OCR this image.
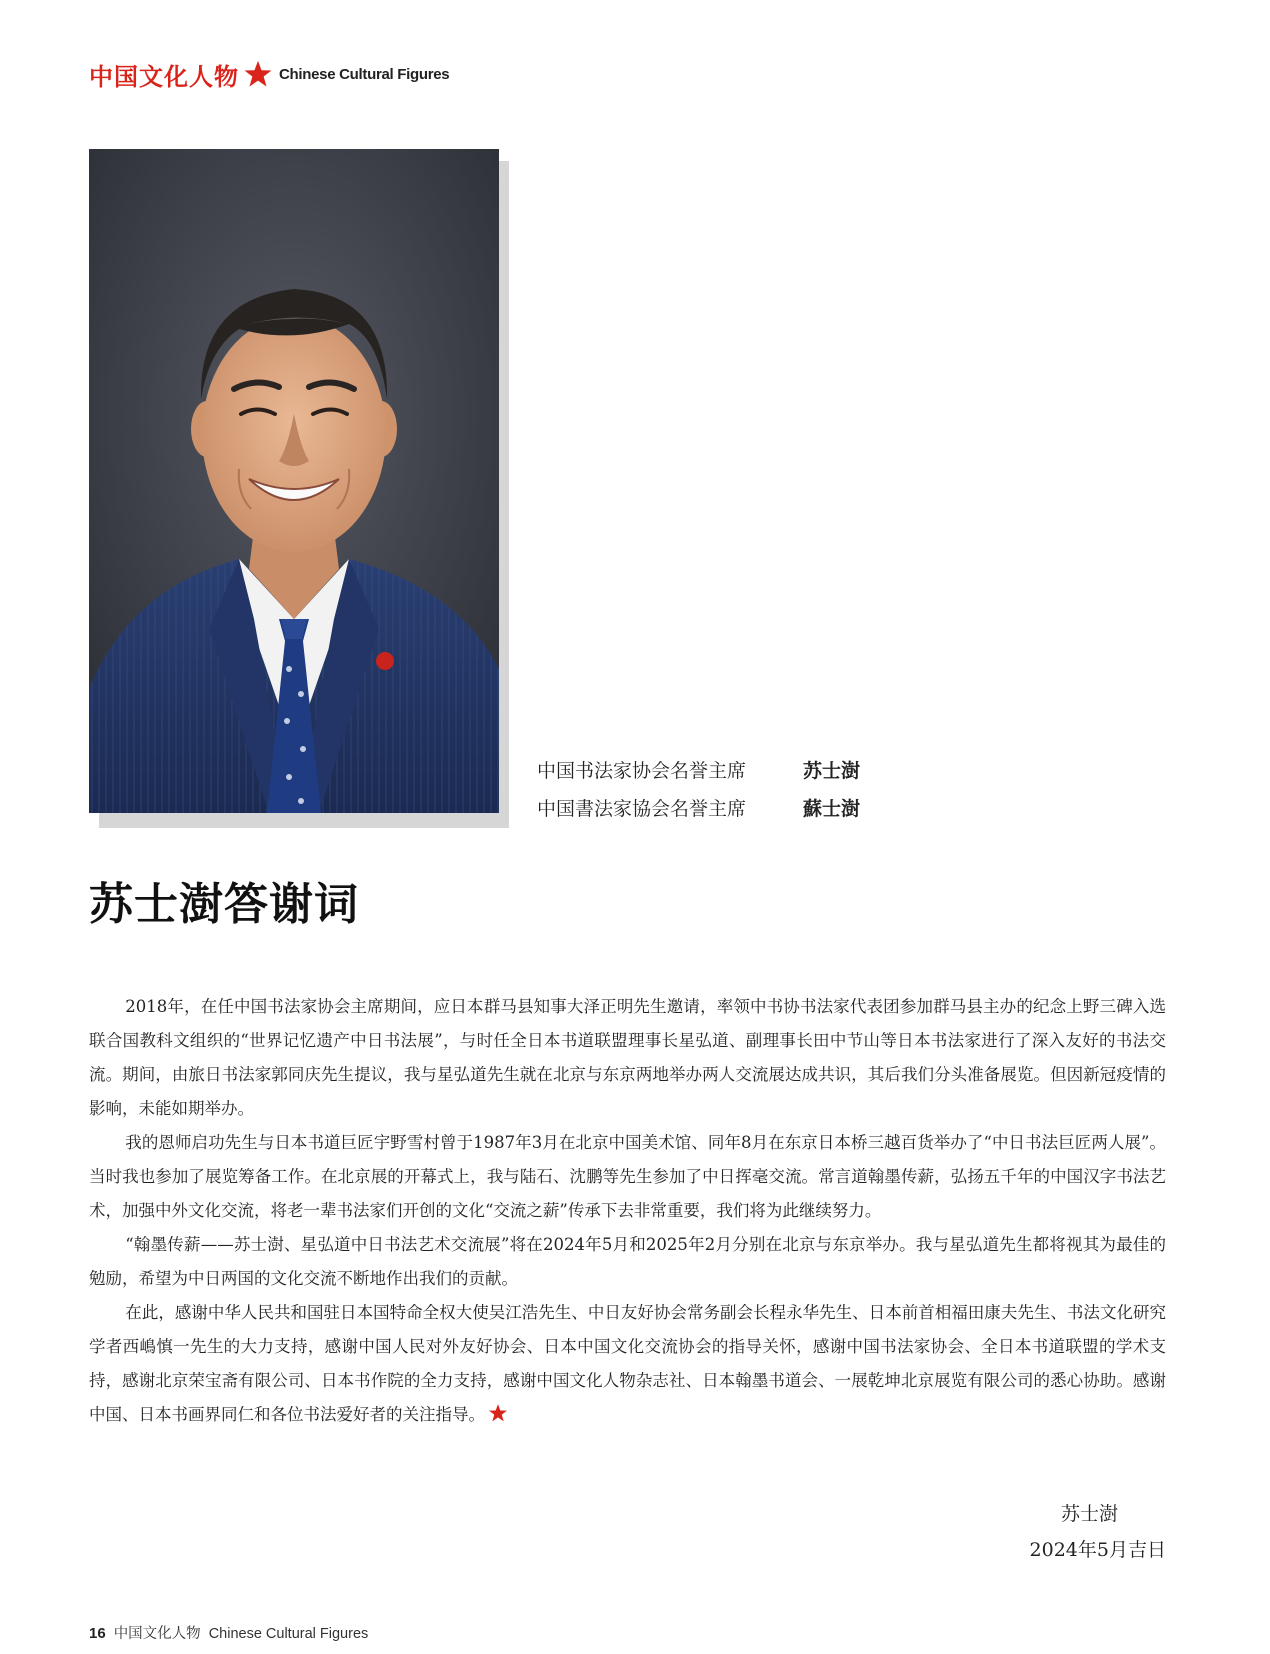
中国文化人物	Chinese Cultural Figures
中国书法家协会名誉主席	苏士澍
中国書法家協会名誉主席	蘇士澍
苏士澍答谢词

2018年，在任中国书法家协会主席期间，应日本群马县知事大泽正明先生邀请，率领中书协书法家代表团参加群马县主办的纪念上野三碑入选联合国教科文组织的“世界记忆遗产中日书法展”，与时任全日本书道联盟理事长星弘道、副理事长田中节山等日本书法家进行了深入友好的书法交流。期间，由旅日书法家郭同庆先生提议，我与星弘道先生就在北京与东京两地举办两人交流展达成共识，其后我们分头准备展览。但因新冠疫情的影响，未能如期举办。

我的恩师启功先生与日本书道巨匠宇野雪村曾于1987年3月在北京中国美术馆、同年8月在东京日本桥三越百货举办了“中日书法巨匠两人展”。当时我也参加了展览筹备工作。在北京展的开幕式上，我与陆石、沈鹏等先生参加了中日挥毫交流。常言道翰墨传薪，弘扬五千年的中国汉字书法艺术，加强中外文化交流，将老一辈书法家们开创的文化“交流之薪”传承下去非常重要，我们将为此继续努力。

“翰墨传薪——苏士澍、星弘道中日书法艺术交流展”将在2024年5月和2025年2月分别在北京与东京举办。我与星弘道先生都将视其为最佳的勉励，希望为中日两国的文化交流不断地作出我们的贡献。

在此，感谢中华人民共和国驻日本国特命全权大使吴江浩先生、中日友好协会常务副会长程永华先生、日本前首相福田康夫先生、书法文化研究学者西嶋慎一先生的大力支持，感谢中国人民对外友好协会、日本中国文化交流协会的指导关怀，感谢中国书法家协会、全日本书道联盟的学术支持，感谢北京荣宝斋有限公司、日本书作院的全力支持，感谢中国文化人物杂志社、日本翰墨书道会、一展乾坤北京展览有限公司的悉心协助。感谢中国、日本书画界同仁和各位书法爱好者的关注指导。

苏士澍
2024年5月吉日
16 中国文化人物 Chinese Cultural Figures
